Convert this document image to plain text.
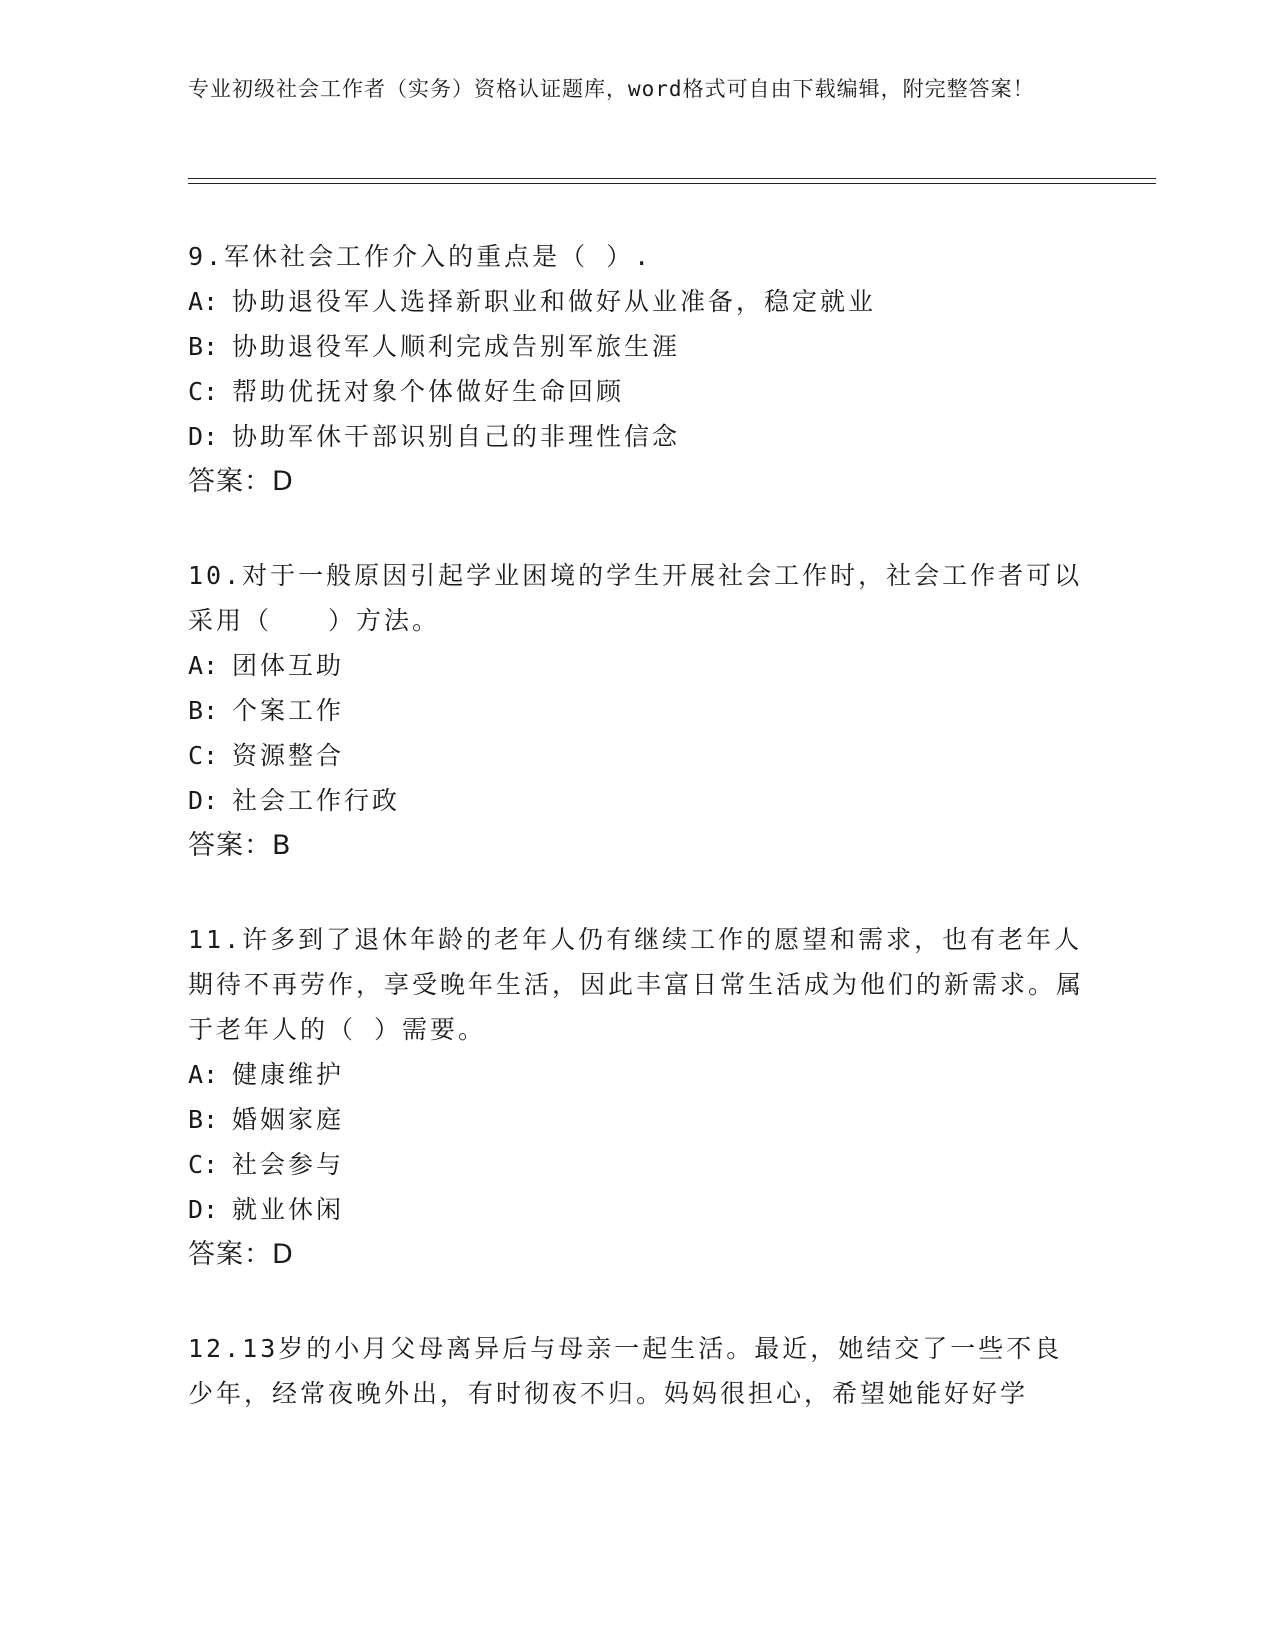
专业初级社会工作者（实务）资格认证题库，word格式可自由下载编辑，附完整答案！
9.军休社会工作介入的重点是（ ）.
A: 协助退役军人选择新职业和做好从业准备，稳定就业
B: 协助退役军人顺利完成告别军旅生涯
C: 帮助优抚对象个体做好生命回顾
D: 协助军休干部识别自己的非理性信念
答案：D
10.对于一般原因引起学业困境的学生开展社会工作时，社会工作者可以采用（　　）方法。
A: 团体互助
B: 个案工作
C: 资源整合
D: 社会工作行政
答案：B
11.许多到了退休年龄的老年人仍有继续工作的愿望和需求，也有老年人期待不再劳作，享受晚年生活，因此丰富日常生活成为他们的新需求。属于老年人的（ ）需要。
A: 健康维护
B: 婚姻家庭
C: 社会参与
D: 就业休闲
答案：D
12.13岁的小月父母离异后与母亲一起生活。最近，她结交了一些不良少年，经常夜晚外出，有时彻夜不归。妈妈很担心，希望她能好好学
